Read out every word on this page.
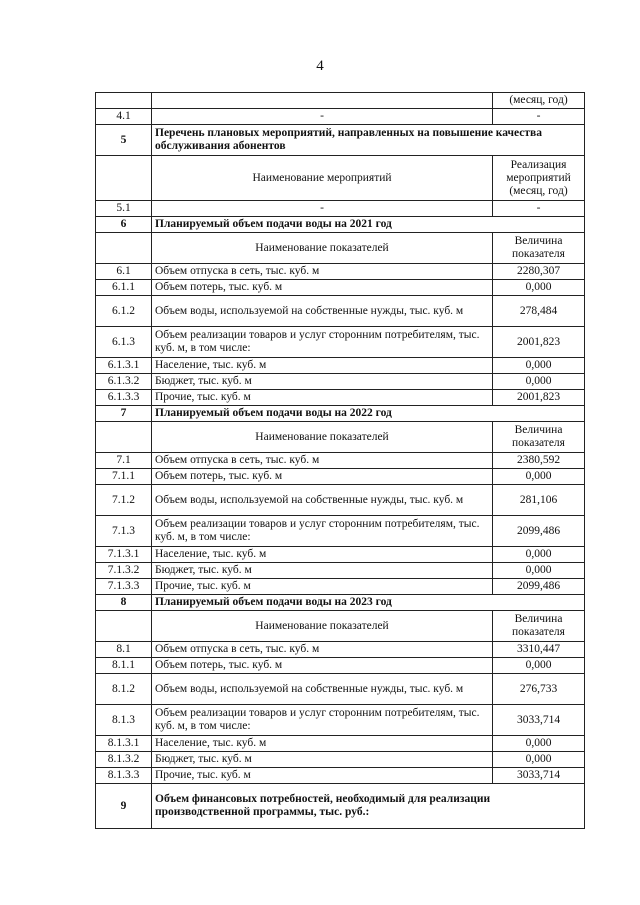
4
		(месяц, год)
4.1	-	-
5	Перечень плановых мероприятий, направленных на повышение качества обслуживания абонентов	
	Наименование мероприятий	Реализация мероприятий (месяц, год)
5.1	-	-
6	Планируемый объем подачи воды на 2021 год	
	Наименование показателей	Величина показателя
6.1	Объем отпуска в сеть, тыс. куб. м	2280,307
6.1.1	Объем потерь, тыс. куб. м	0,000
6.1.2	Объем воды, используемой на собственные нужды, тыс. куб. м	278,484
6.1.3	Объем реализации товаров и услуг сторонним потребителям, тыс. куб. м, в том числе:	2001,823
6.1.3.1	Население, тыс. куб. м	0,000
6.1.3.2	Бюджет, тыс. куб. м	0,000
6.1.3.3	Прочие, тыс. куб. м	2001,823
7	Планируемый объем подачи воды на 2022 год	
	Наименование показателей	Величина показателя
7.1	Объем отпуска в сеть, тыс. куб. м	2380,592
7.1.1	Объем потерь, тыс. куб. м	0,000
7.1.2	Объем воды, используемой на собственные нужды, тыс. куб. м	281,106
7.1.3	Объем реализации товаров и услуг сторонним потребителям, тыс. куб. м, в том числе:	2099,486
7.1.3.1	Население, тыс. куб. м	0,000
7.1.3.2	Бюджет, тыс. куб. м	0,000
7.1.3.3	Прочие, тыс. куб. м	2099,486
8	Планируемый объем подачи воды на 2023 год	
	Наименование показателей	Величина показателя
8.1	Объем отпуска в сеть, тыс. куб. м	3310,447
8.1.1	Объем потерь, тыс. куб. м	0,000
8.1.2	Объем воды, используемой на собственные нужды, тыс. куб. м	276,733
8.1.3	Объем реализации товаров и услуг сторонним потребителям, тыс. куб. м, в том числе:	3033,714
8.1.3.1	Население, тыс. куб. м	0,000
8.1.3.2	Бюджет, тыс. куб. м	0,000
8.1.3.3	Прочие, тыс. куб. м	3033,714
9	Объем финансовых потребностей, необходимый для реализации производственной программы, тыс. руб.:	
